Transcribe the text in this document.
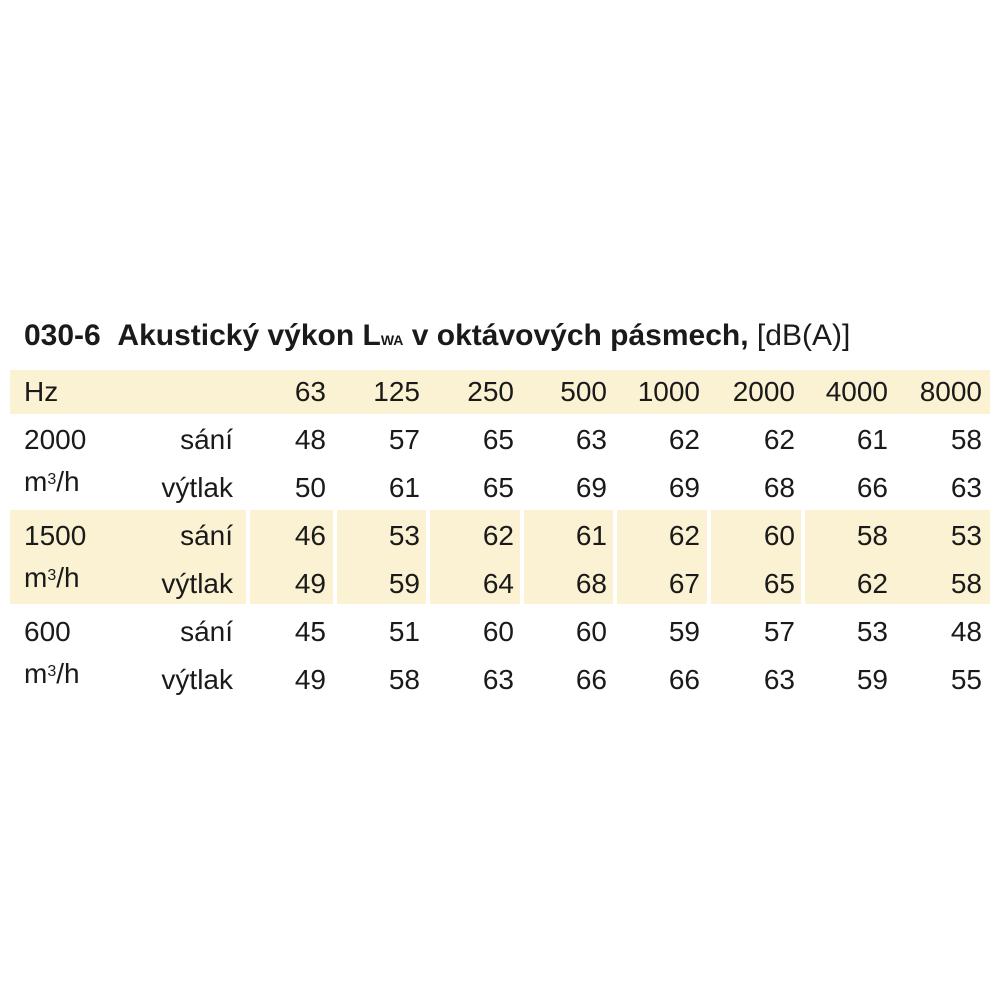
030-6 Akustický výkon LWA v oktávových pásmech, [dB(A)]
Hz	63	125	250	500	1000	2000	4000	8000
2000
$m^3/h$
sání	48	57	65	63	62	62	61	58
výtlak	50	61	65	69	69	68	66	63
1500
$m^3/h$
sání	46	53	62	61	62	60	58	53
výtlak	49	59	64	68	67	65	62	58
600
$m^3/h$
sání	45	51	60	60	59	57	53	48
výtlak	49	58	63	66	66	63	59	55
